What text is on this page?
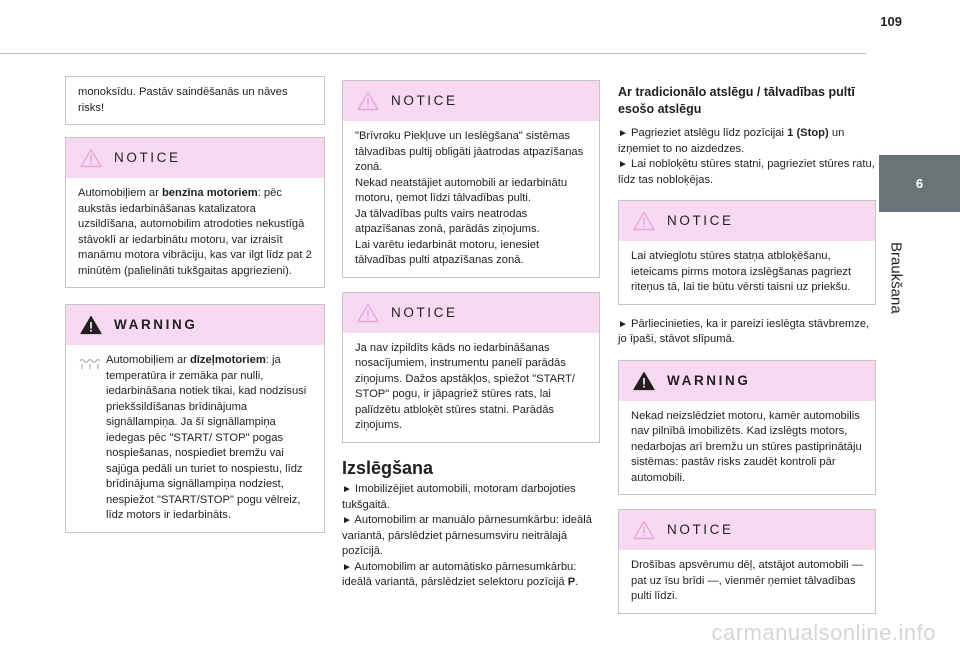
109
6
Braukšana

monoksīdu. Pastāv saindēšanās un nāves risks!

NOTICE

Automobiļiem ar benzīna motoriem: pēc aukstās iedarbināšanas katalizatora uzsildīšana, automobilim atrodoties nekustīgā stāvoklī ar iedarbinātu motoru, var izraisīt manāmu motora vibrāciju, kas var ilgt līdz pat 2 minūtēm (palielināti tukšgaitas apgriezieni).

WARNING

Automobiļiem ar dīzeļmotoriem: ja temperatūra ir zemāka par nulli, iedarbināšana notiek tikai, kad nodzisusi priekšsildīšanas brīdinājuma signāllampiņa. Ja šī signāllampiņa iedegas pēc "START/ STOP" pogas nospiešanas, nospiediet bremžu vai sajūga pedāli un turiet to nospiestu, līdz brīdinājuma signāllampiņa nodziest, nespiežot "START/STOP" pogu vēlreiz, līdz motors ir iedarbināts.

NOTICE

"Brīvroku Piekļuve un Ieslēgšana" sistēmas tālvadības pultij obligāti jāatrodas atpazīšanas zonā.
Nekad neatstājiet automobili ar iedarbinātu motoru, ņemot līdzi tālvadības pulti.
Ja tālvadības pults vairs neatrodas atpazīšanas zonā, parādās ziņojums.
Lai varētu iedarbināt motoru, ienesiet tālvadības pulti atpazīšanas zonā.

NOTICE

Ja nav izpildīts kāds no iedarbināšanas nosacījumiem, instrumentu panelī parādās ziņojums. Dažos apstākļos, spiežot "START/ STOP" pogu, ir jāpagriež stūres rats, lai palīdzētu atbloķēt stūres statni. Parādās ziņojums.

Izslēgšana

► Imobilizējiet automobili, motoram darbojoties tukšgaitā.

► Automobilim ar manuālo pārnesumkārbu: ideālā variantā, pārslēdziet pārnesumsviru neitrālajā pozīcijā.

► Automobilim ar automātisko pārnesumkārbu: ideālā variantā, pārslēdziet selektoru pozīcijā P.

Ar tradicionālo atslēgu / tālvadības pultī esošo atslēgu

► Pagrieziet atslēgu līdz pozīcijai 1 (Stop) un izņemiet to no aizdedzes.

► Lai nobloķētu stūres statni, pagrieziet stūres ratu, līdz tas nobloķējas.

NOTICE

Lai atvieglotu stūres statņa atbloķēšanu, ieteicams pirms motora izslēgšanas pagriezt riteņus tā, lai tie būtu vērsti taisni uz priekšu.

► Pārliecinieties, ka ir pareizi ieslēgta stāvbremze, jo īpaši, stāvot slīpumā.

WARNING

Nekad neizslēdziet motoru, kamēr automobilis nav pilnībā imobilizēts. Kad izslēgts motors, nedarbojas arī bremžu un stūres pastiprinātāju sistēmas: pastāv risks zaudēt kontroli pār automobili.

NOTICE

Drošības apsvērumu dēļ, atstājot automobili — pat uz īsu brīdi —, vienmēr ņemiet tālvadības pulti līdzi.

carmanualsonline.info
